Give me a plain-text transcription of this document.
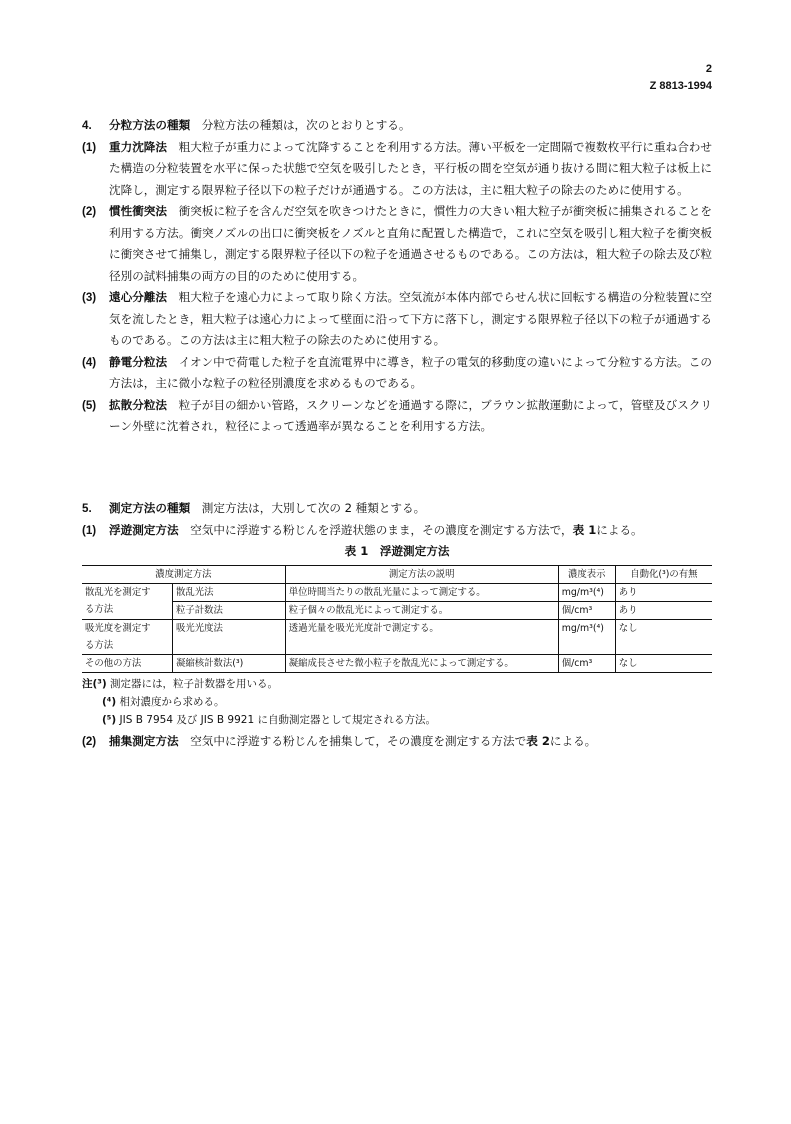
2
Z 8813-1994
4. 分粒方法の種類　 分粒方法の種類は，次のとおりとする。
(1) 重力沈降法　 粗大粒子が重力によって沈降することを利用する方法。薄い平板を一定間隔で複数枚平行に重ね合わせた構造の分粒装置を水平に保った状態で空気を吸引したとき，平行板の間を空気が通り抜ける間に粗大粒子は板上に沈降し，測定する限界粒子径以下の粒子だけが通過する。この方法は，主に粗大粒子の除去のために使用する。
(2) 慣性衝突法　 衝突板に粒子を含んだ空気を吹きつけたときに，慣性力の大きい粗大粒子が衝突板に捕集されることを利用する方法。衝突ノズルの出口に衝突板をノズルと直角に配置した構造で，これに空気を吸引し粗大粒子を衝突板に衝突させて捕集し，測定する限界粒子径以下の粒子を通過させるものである。この方法は，粗大粒子の除去及び粒径別の試料捕集の両方の目的のために使用する。
(3) 遠心分離法　 粗大粒子を遠心力によって取り除く方法。空気流が本体内部でらせん状に回転する構造の分粒装置に空気を流したとき，粗大粒子は遠心力によって壁面に沿って下方に落下し，測定する限界粒子径以下の粒子が通過するものである。この方法は主に粗大粒子の除去のために使用する。
(4) 静電分粒法　 イオン中で荷電した粒子を直流電界中に導き，粒子の電気的移動度の違いによって分粒する方法。この方法は，主に微小な粒子の粒径別濃度を求めるものである。
(5) 拡散分粒法　 粒子が目の細かい管路，スクリーンなどを通過する際に，ブラウン拡散運動によって，管壁及びスクリーン外壁に沈着され，粒径によって透過率が異なることを利用する方法。
5. 測定方法の種類　 測定方法は，大別して次の 2 種類とする。
(1) 浮遊測定方法　 空気中に浮遊する粉じんを浮遊状態のまま，その濃度を測定する方法で，表 1による。

表 1　浮遊測定方法

濃度測定方法		測定方法の説明	濃度表示	自動化(³)の有無
散乱光を測定す	散乱光法	単位時間当たりの散乱光量によって測定する。	mg/m³(⁴)	あり
る方法	粒子計数法	粒子個々の散乱光によって測定する。	個/cm³	あり
吸光度を測定す	吸光光度法	透過光量を吸光光度計で測定する。	mg/m³(⁴)	なし
る方法				
その他の方法	凝縮核計数法(³)	凝縮成長させた微小粒子を散乱光によって測定する。	個/cm³	なし
注(³) 測定器には，粒子計数器を用いる。
(⁴) 相対濃度から求める。
(⁵) JIS B 7954 及び JIS B 9921 に自動測定器として規定される方法。
(2) 捕集測定方法　 空気中に浮遊する粉じんを捕集して，その濃度を測定する方法で表 2による。
